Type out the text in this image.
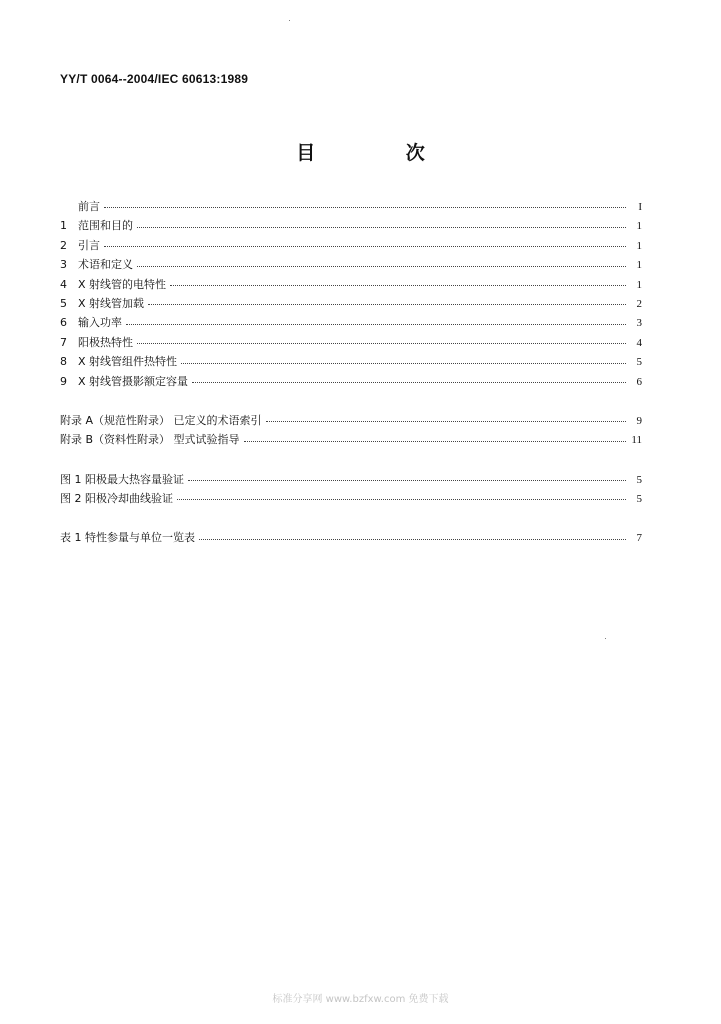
YY/T 0064--2004/IEC 60613:1989
目 次
前言	I
1	范围和目的	1
2	引言	1
3	术语和定义	1
4	X 射线管的电特性	1
5	X 射线管加载	2
6	输入功率	3
7	阳极热特性	4
8	X 射线管组件热特性	5
9	X 射线管摄影额定容量	6
附录 A（规范性附录） 已定义的术语索引	9
附录 B（资料性附录） 型式试验指导	11
图 1 阳极最大热容量验证	5
图 2 阳极冷却曲线验证	5
表 1 特性参量与单位一览表	7
标准分享网 www.bzfxw.com 免费下载
